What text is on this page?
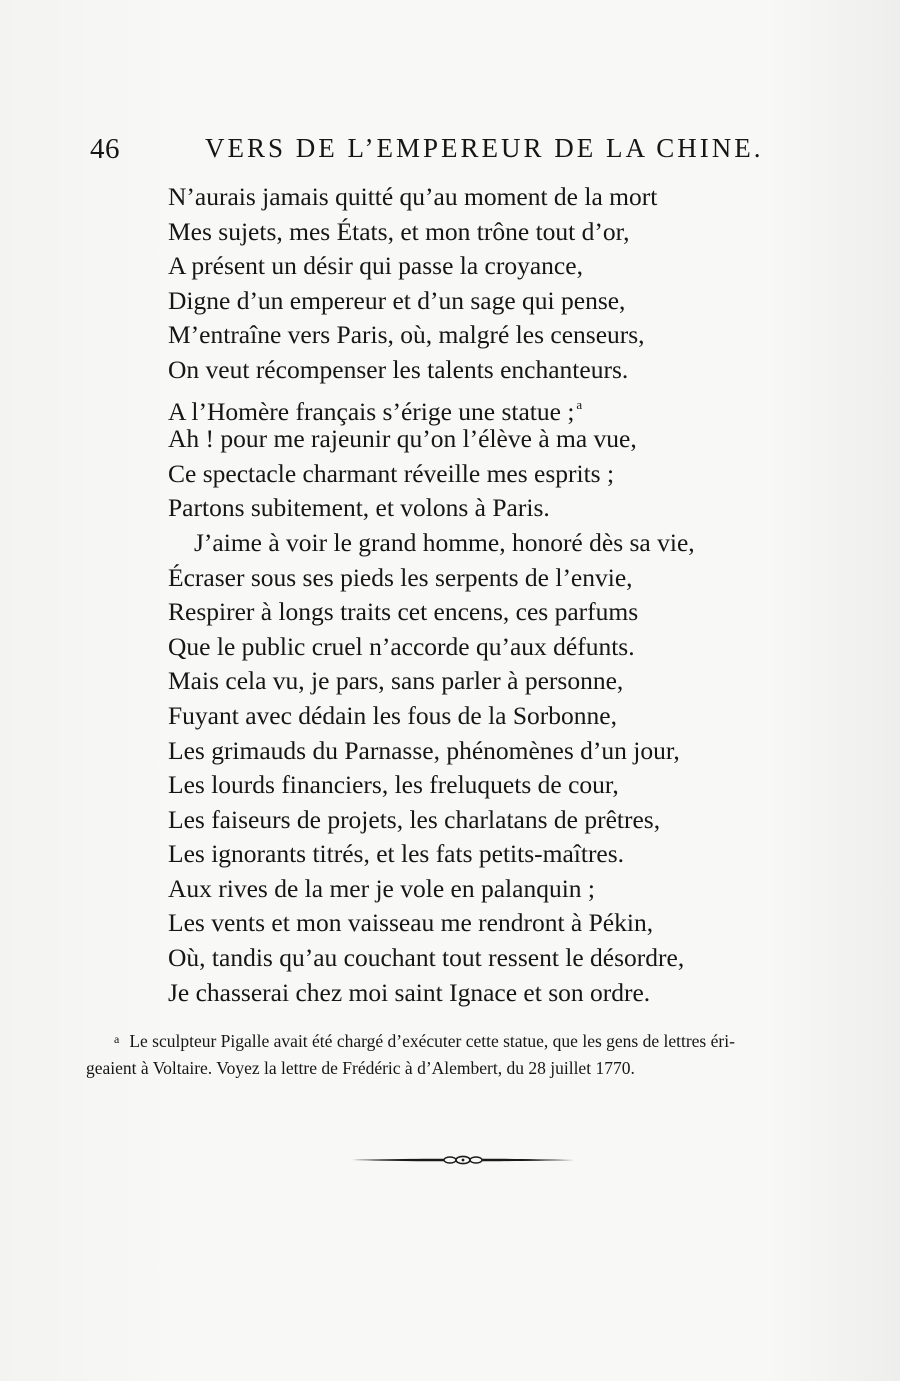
46	VERS DE L’EMPEREUR DE LA CHINE.
N’aurais jamais quitté qu’au moment de la mort
Mes sujets, mes États, et mon trône tout d’or,
A présent un désir qui passe la croyance,
Digne d’un empereur et d’un sage qui pense,
M’entraîne vers Paris, où, malgré les censeurs,
On veut récompenser les talents enchanteurs.
A l’Homère français s’érige une statue ; $^a$
Ah ! pour me rajeunir qu’on l’élève à ma vue,
Ce spectacle charmant réveille mes esprits ;
Partons subitement, et volons à Paris.
J’aime à voir le grand homme, honoré dès sa vie,
Écraser sous ses pieds les serpents de l’envie,
Respirer à longs traits cet encens, ces parfums
Que le public cruel n’accorde qu’aux défunts.
Mais cela vu, je pars, sans parler à personne,
Fuyant avec dédain les fous de la Sorbonne,
Les grimauds du Parnasse, phénomènes d’un jour,
Les lourds financiers, les freluquets de cour,
Les faiseurs de projets, les charlatans de prêtres,
Les ignorants titrés, et les fats petits-maîtres.
Aux rives de la mer je vole en palanquin ;
Les vents et mon vaisseau me rendront à Pékin,
Où, tandis qu’au couchant tout ressent le désordre,
Je chasserai chez moi saint Ignace et son ordre.
$^a$ Le sculpteur Pigalle avait été chargé d’exécuter cette statue, que les gens de lettres éri-
geaient à Voltaire. Voyez la lettre de Frédéric à d’Alembert, du 28 juillet 1770.
